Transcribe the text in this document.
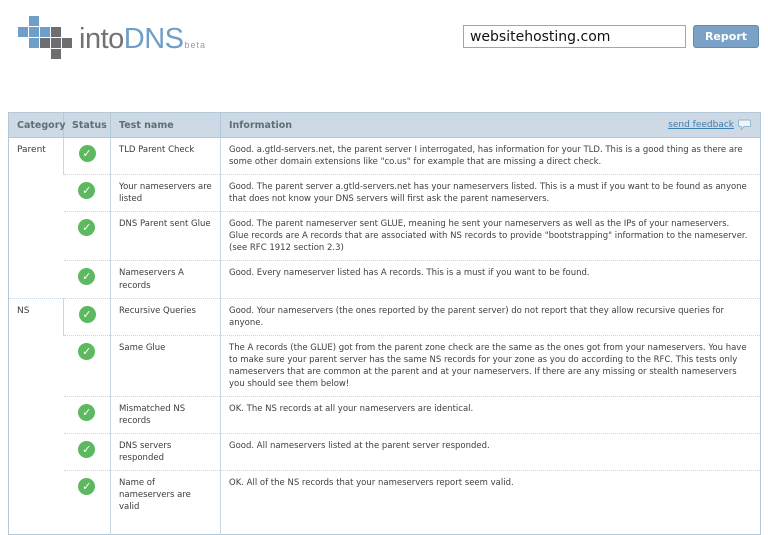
intoDNSbeta
websitehosting.com
Report
Category	Status	Test name	Information send feedback

Parent	✓	TLD Parent Check	Good. a.gtld-servers.net, the parent server I interrogated, has information for your TLD. This is a good thing as there are some other domain extensions like "co.us" for example that are missing a direct check.
	✓	Your nameservers are listed	Good. The parent server a.gtld-servers.net has your nameservers listed. This is a must if you want to be found as anyone that does not know your DNS servers will first ask the parent nameservers.
	✓	DNS Parent sent Glue	Good. The parent nameserver sent GLUE, meaning he sent your nameservers as well as the IPs of your nameservers. Glue records are A records that are associated with NS records to provide "bootstrapping" information to the nameserver.(see RFC 1912 section 2.3)
	✓	Nameservers A records	Good. Every nameserver listed has A records. This is a must if you want to be found.
NS	✓	Recursive Queries	Good. Your nameservers (the ones reported by the parent server) do not report that they allow recursive queries for anyone.
	✓	Same Glue	The A records (the GLUE) got from the parent zone check are the same as the ones got from your nameservers. You have to make sure your parent server has the same NS records for your zone as you do according to the RFC. This tests only nameservers that are common at the parent and at your nameservers. If there are any missing or stealth nameservers you should see them below!
	✓	Mismatched NS records	OK. The NS records at all your nameservers are identical.
	✓	DNS servers responded	Good. All nameservers listed at the parent server responded.
	✓	Name of nameservers are valid	OK. All of the NS records that your nameservers report seem valid.
